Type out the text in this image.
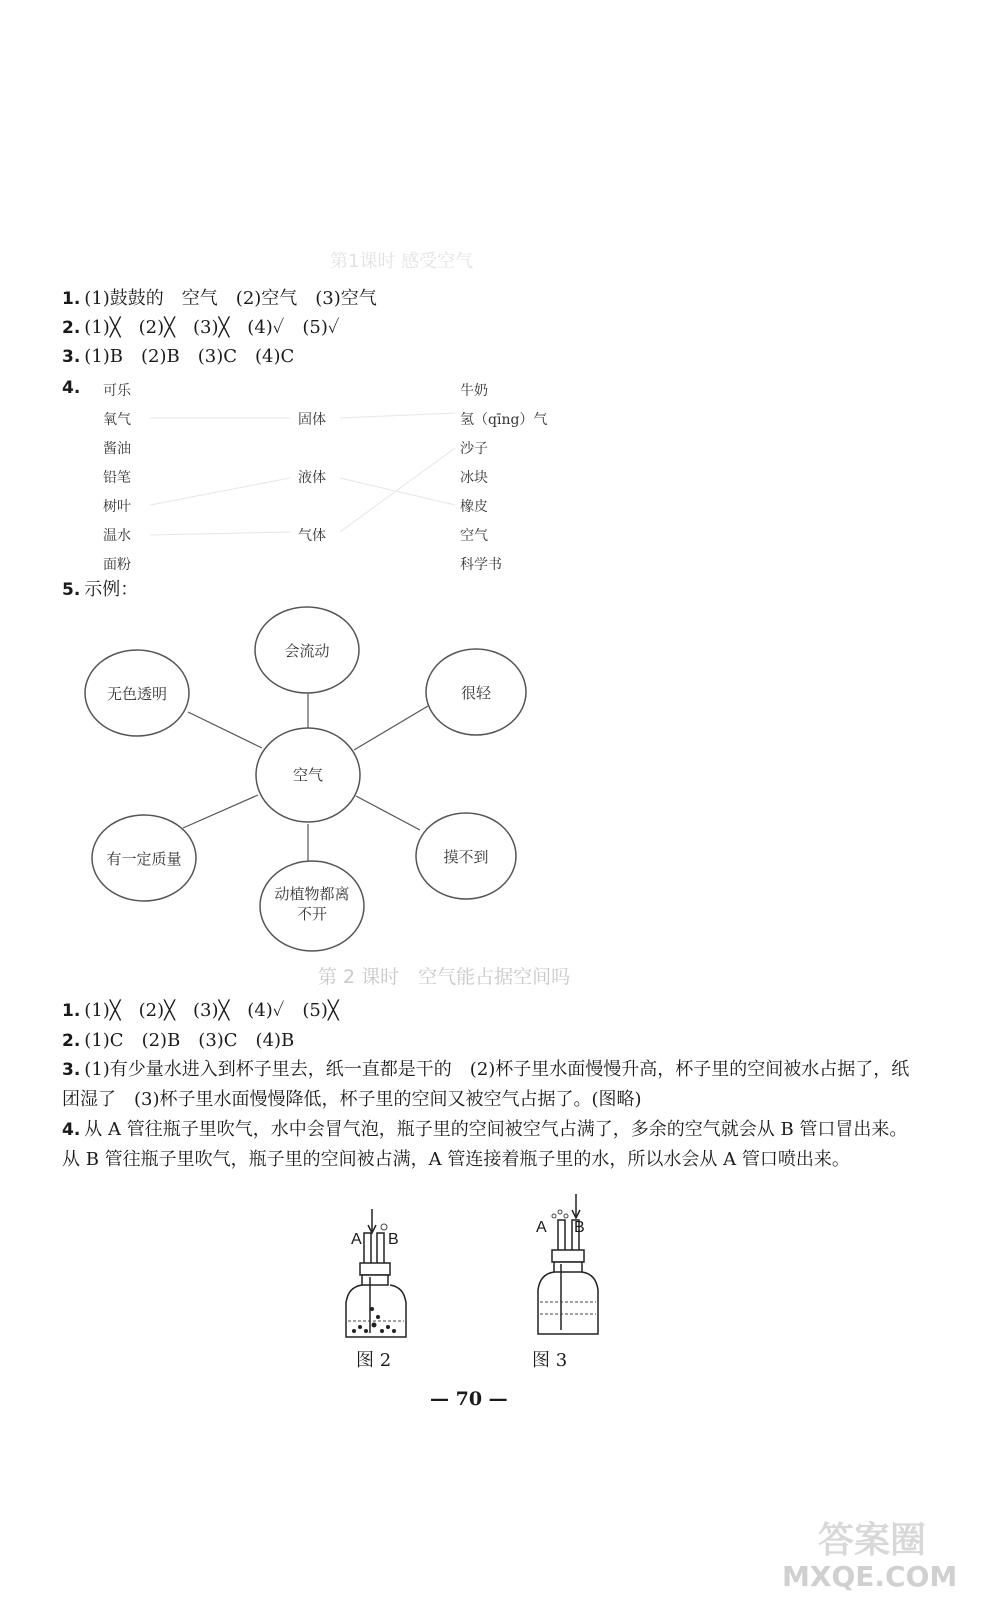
第1课时 感受空气
1. (1)鼓鼓的　空气　(2)空气　(3)空气
2. (1)╳　(2)╳　(3)╳　(4)✓　(5)✓
3. (1)B　(2)B　(3)C　(4)C
4. 可乐
氧气
酱油
铅笔
树叶
温水
面粉
固体
液体
气体
牛奶
氢（qīng）气
沙子
冰块
橡皮
空气
科学书
5. 示例：
空气
会流动
无色透明	很轻
有一定质量
动植物都离不开
摸不到
第 2 课时　空气能占据空间吗
1. (1)╳　(2)╳　(3)╳　(4)✓　(5)╳
2. (1)C　(2)B　(3)C　(4)B
3. (1)有少量水进入到杯子里去，纸一直都是干的　(2)杯子里水面慢慢升高，杯子里的空间被水占据了，纸团湿了　(3)杯子里水面慢慢降低，杯子里的空间又被空气占据了。(图略)
4. 从 A 管往瓶子里吹气，水中会冒气泡，瓶子里的空间被空气占满了，多余的空气就会从 B 管口冒出来。从 B 管往瓶子里吹气，瓶子里的空间被占满，A 管连接着瓶子里的水，所以水会从 A 管口喷出来。
A B
图 2
A B
图 3
— 70 —
答案圈
MXQE.COM
